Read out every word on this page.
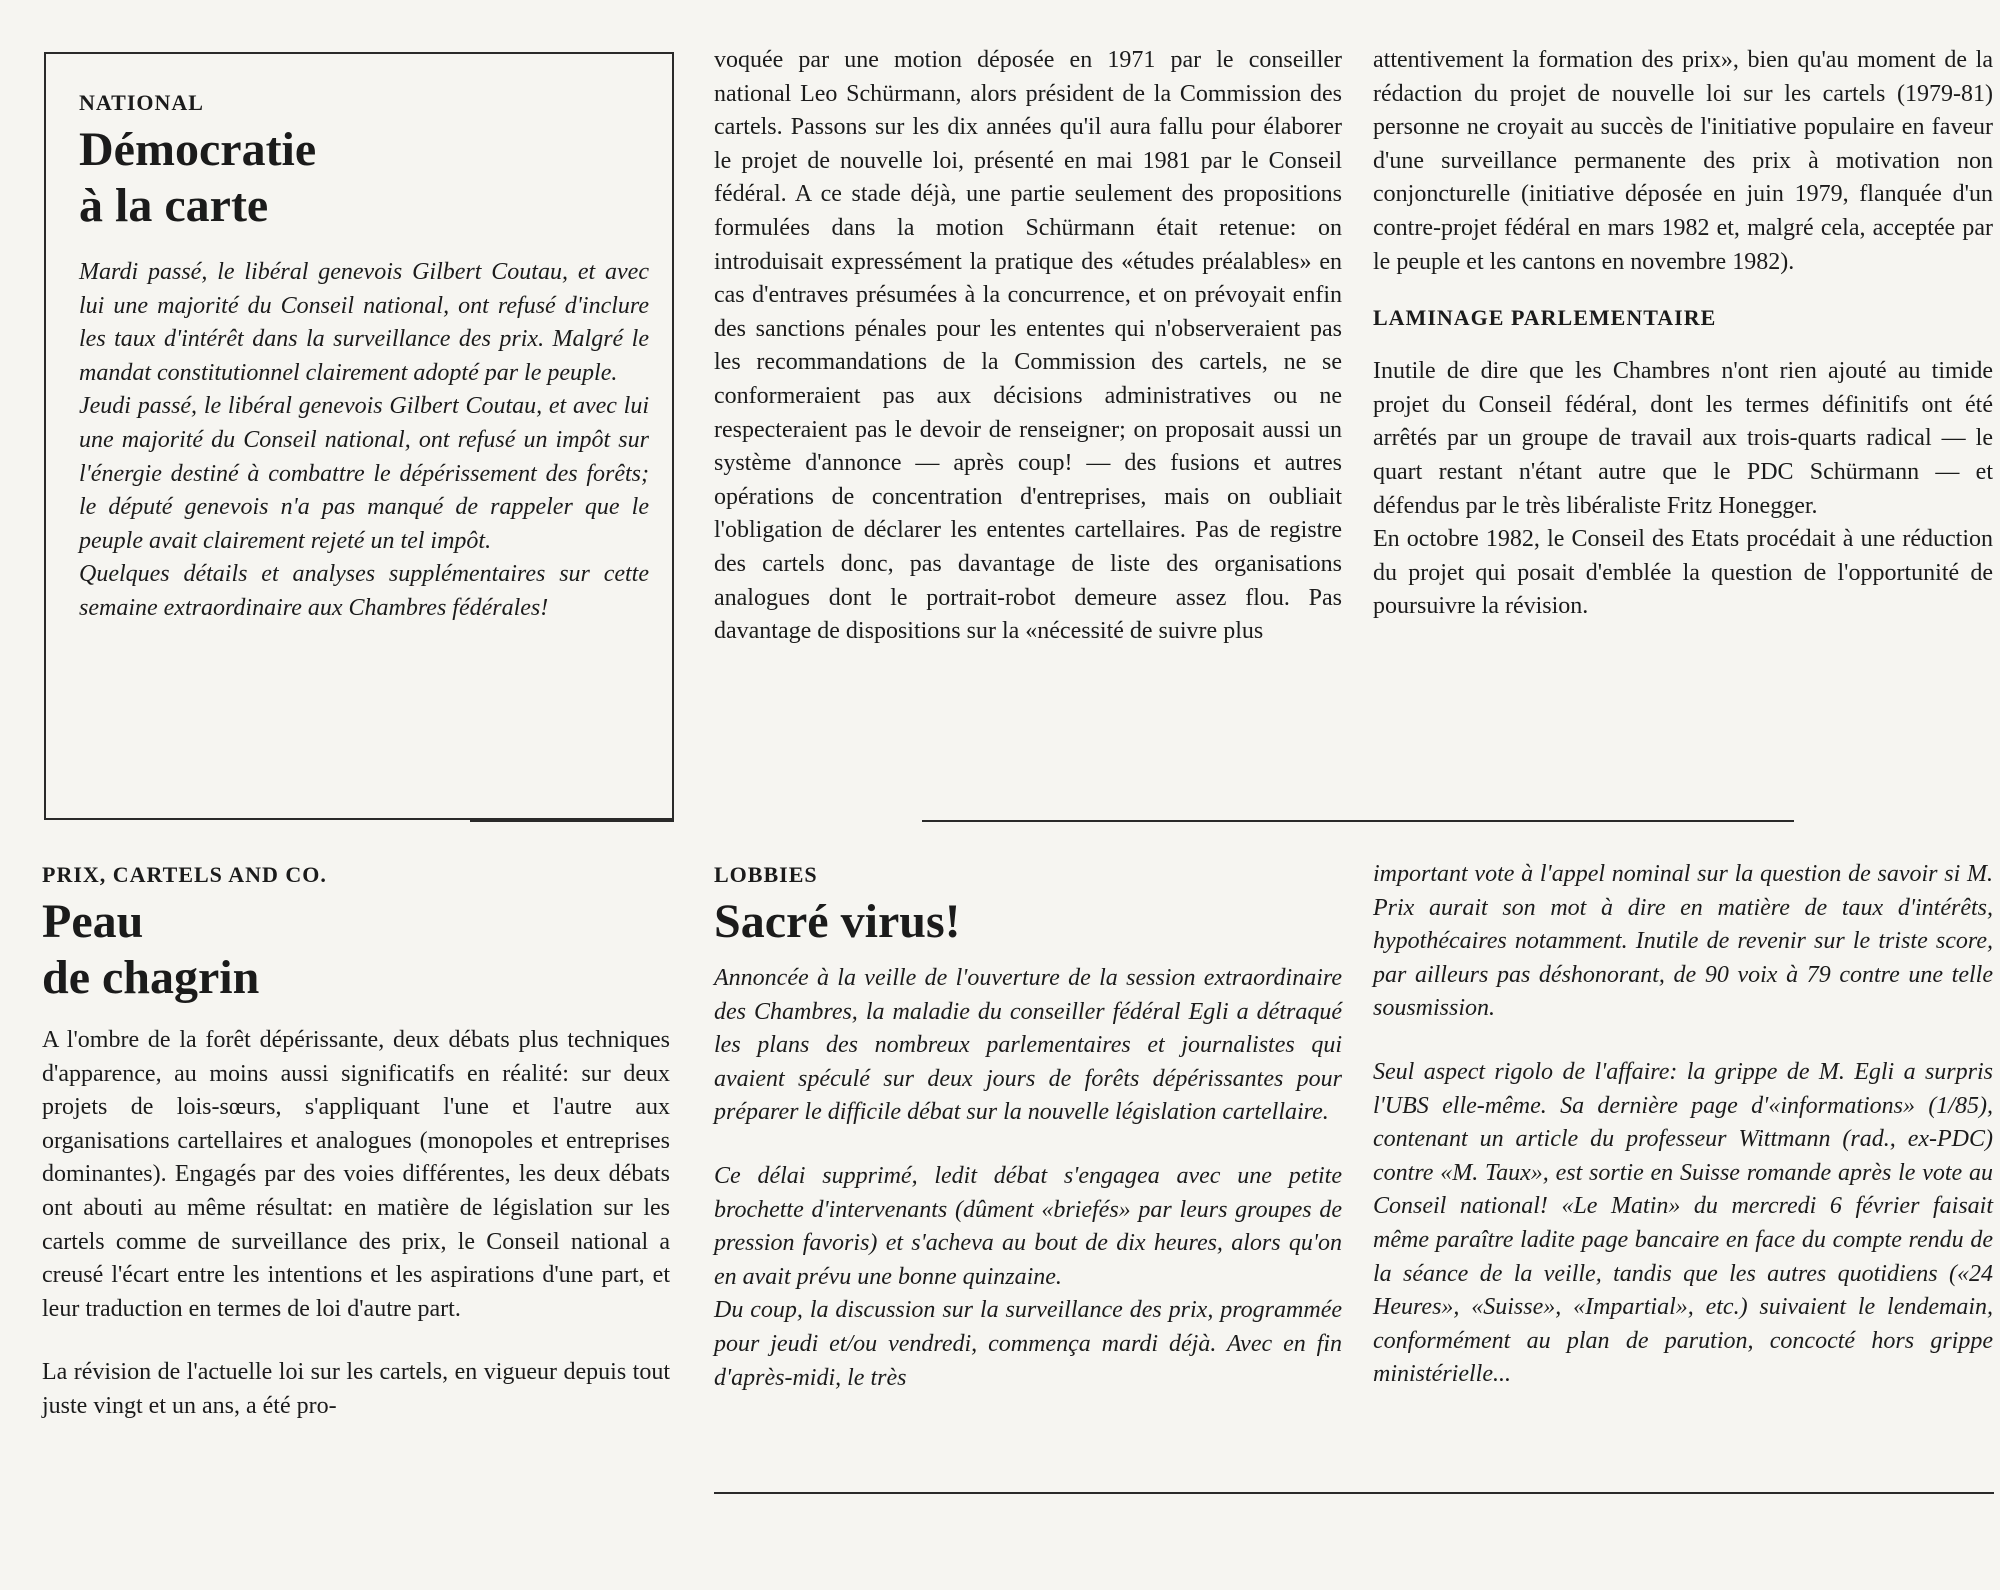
NATIONAL
Démocratie
à la carte

Mardi passé, le libéral genevois Gilbert Coutau, et avec lui une majorité du Conseil national, ont refusé d'inclure les taux d'intérêt dans la surveillance des prix. Malgré le mandat constitutionnel clairement adopté par le peuple.

Jeudi passé, le libéral genevois Gilbert Coutau, et avec lui une majorité du Conseil national, ont refusé un impôt sur l'énergie destiné à combattre le dépérissement des forêts; le député genevois n'a pas manqué de rappeler que le peuple avait clairement rejeté un tel impôt.

Quelques détails et analyses supplémentaires sur cette semaine extraordinaire aux Chambres fédérales!

voquée par une motion déposée en 1971 par le conseiller national Leo Schürmann, alors président de la Commission des cartels. Passons sur les dix années qu'il aura fallu pour élaborer le projet de nouvelle loi, présenté en mai 1981 par le Conseil fédéral. A ce stade déjà, une partie seulement des propositions formulées dans la motion Schürmann était retenue: on introduisait expressément la pratique des «études préalables» en cas d'entraves présumées à la concurrence, et on prévoyait enfin des sanctions pénales pour les ententes qui n'observeraient pas les recommandations de la Commission des cartels, ne se conformeraient pas aux décisions administratives ou ne respecteraient pas le devoir de renseigner; on proposait aussi un système d'annonce — après coup! — des fusions et autres opérations de concentration d'entreprises, mais on oubliait l'obligation de déclarer les ententes cartellaires. Pas de registre des cartels donc, pas davantage de liste des organisations analogues dont le portrait-robot demeure assez flou. Pas davantage de dispositions sur la «nécessité de suivre plus

attentivement la formation des prix», bien qu'au moment de la rédaction du projet de nouvelle loi sur les cartels (1979-81) personne ne croyait au succès de l'initiative populaire en faveur d'une surveillance permanente des prix à motivation non conjoncturelle (initiative déposée en juin 1979, flanquée d'un contre-projet fédéral en mars 1982 et, malgré cela, acceptée par le peuple et les cantons en novembre 1982).

LAMINAGE PARLEMENTAIRE

Inutile de dire que les Chambres n'ont rien ajouté au timide projet du Conseil fédéral, dont les termes définitifs ont été arrêtés par un groupe de travail aux trois-quarts radical — le quart restant n'étant autre que le PDC Schürmann — et défendus par le très libéraliste Fritz Honegger.

En octobre 1982, le Conseil des Etats procédait à une réduction du projet qui posait d'emblée la question de l'opportunité de poursuivre la révision.

PRIX, CARTELS AND CO.
Peau
de chagrin

A l'ombre de la forêt dépérissante, deux débats plus techniques d'apparence, au moins aussi significatifs en réalité: sur deux projets de lois-sœurs, s'appliquant l'une et l'autre aux organisations cartellaires et analogues (monopoles et entreprises dominantes). Engagés par des voies différentes, les deux débats ont abouti au même résultat: en matière de législation sur les cartels comme de surveillance des prix, le Conseil national a creusé l'écart entre les intentions et les aspirations d'une part, et leur traduction en termes de loi d'autre part.

La révision de l'actuelle loi sur les cartels, en vigueur depuis tout juste vingt et un ans, a été pro-

LOBBIES
Sacré virus!

Annoncée à la veille de l'ouverture de la session extraordinaire des Chambres, la maladie du conseiller fédéral Egli a détraqué les plans des nombreux parlementaires et journalistes qui avaient spéculé sur deux jours de forêts dépérissantes pour préparer le difficile débat sur la nouvelle législation cartellaire.

Ce délai supprimé, ledit débat s'engagea avec une petite brochette d'intervenants (dûment «briefés» par leurs groupes de pression favoris) et s'acheva au bout de dix heures, alors qu'on en avait prévu une bonne quinzaine.

Du coup, la discussion sur la surveillance des prix, programmée pour jeudi et/ou vendredi, commença mardi déjà. Avec en fin d'après-midi, le très

important vote à l'appel nominal sur la question de savoir si M. Prix aurait son mot à dire en matière de taux d'intérêts, hypothécaires notamment. Inutile de revenir sur le triste score, par ailleurs pas déshonorant, de 90 voix à 79 contre une telle sousmission.

Seul aspect rigolo de l'affaire: la grippe de M. Egli a surpris l'UBS elle-même. Sa dernière page d'«informations» (1/85), contenant un article du professeur Wittmann (rad., ex-PDC) contre «M. Taux», est sortie en Suisse romande après le vote au Conseil national! «Le Matin» du mercredi 6 février faisait même paraître ladite page bancaire en face du compte rendu de la séance de la veille, tandis que les autres quotidiens («24 Heures», «Suisse», «Impartial», etc.) suivaient le lendemain, conformément au plan de parution, concocté hors grippe ministérielle...
